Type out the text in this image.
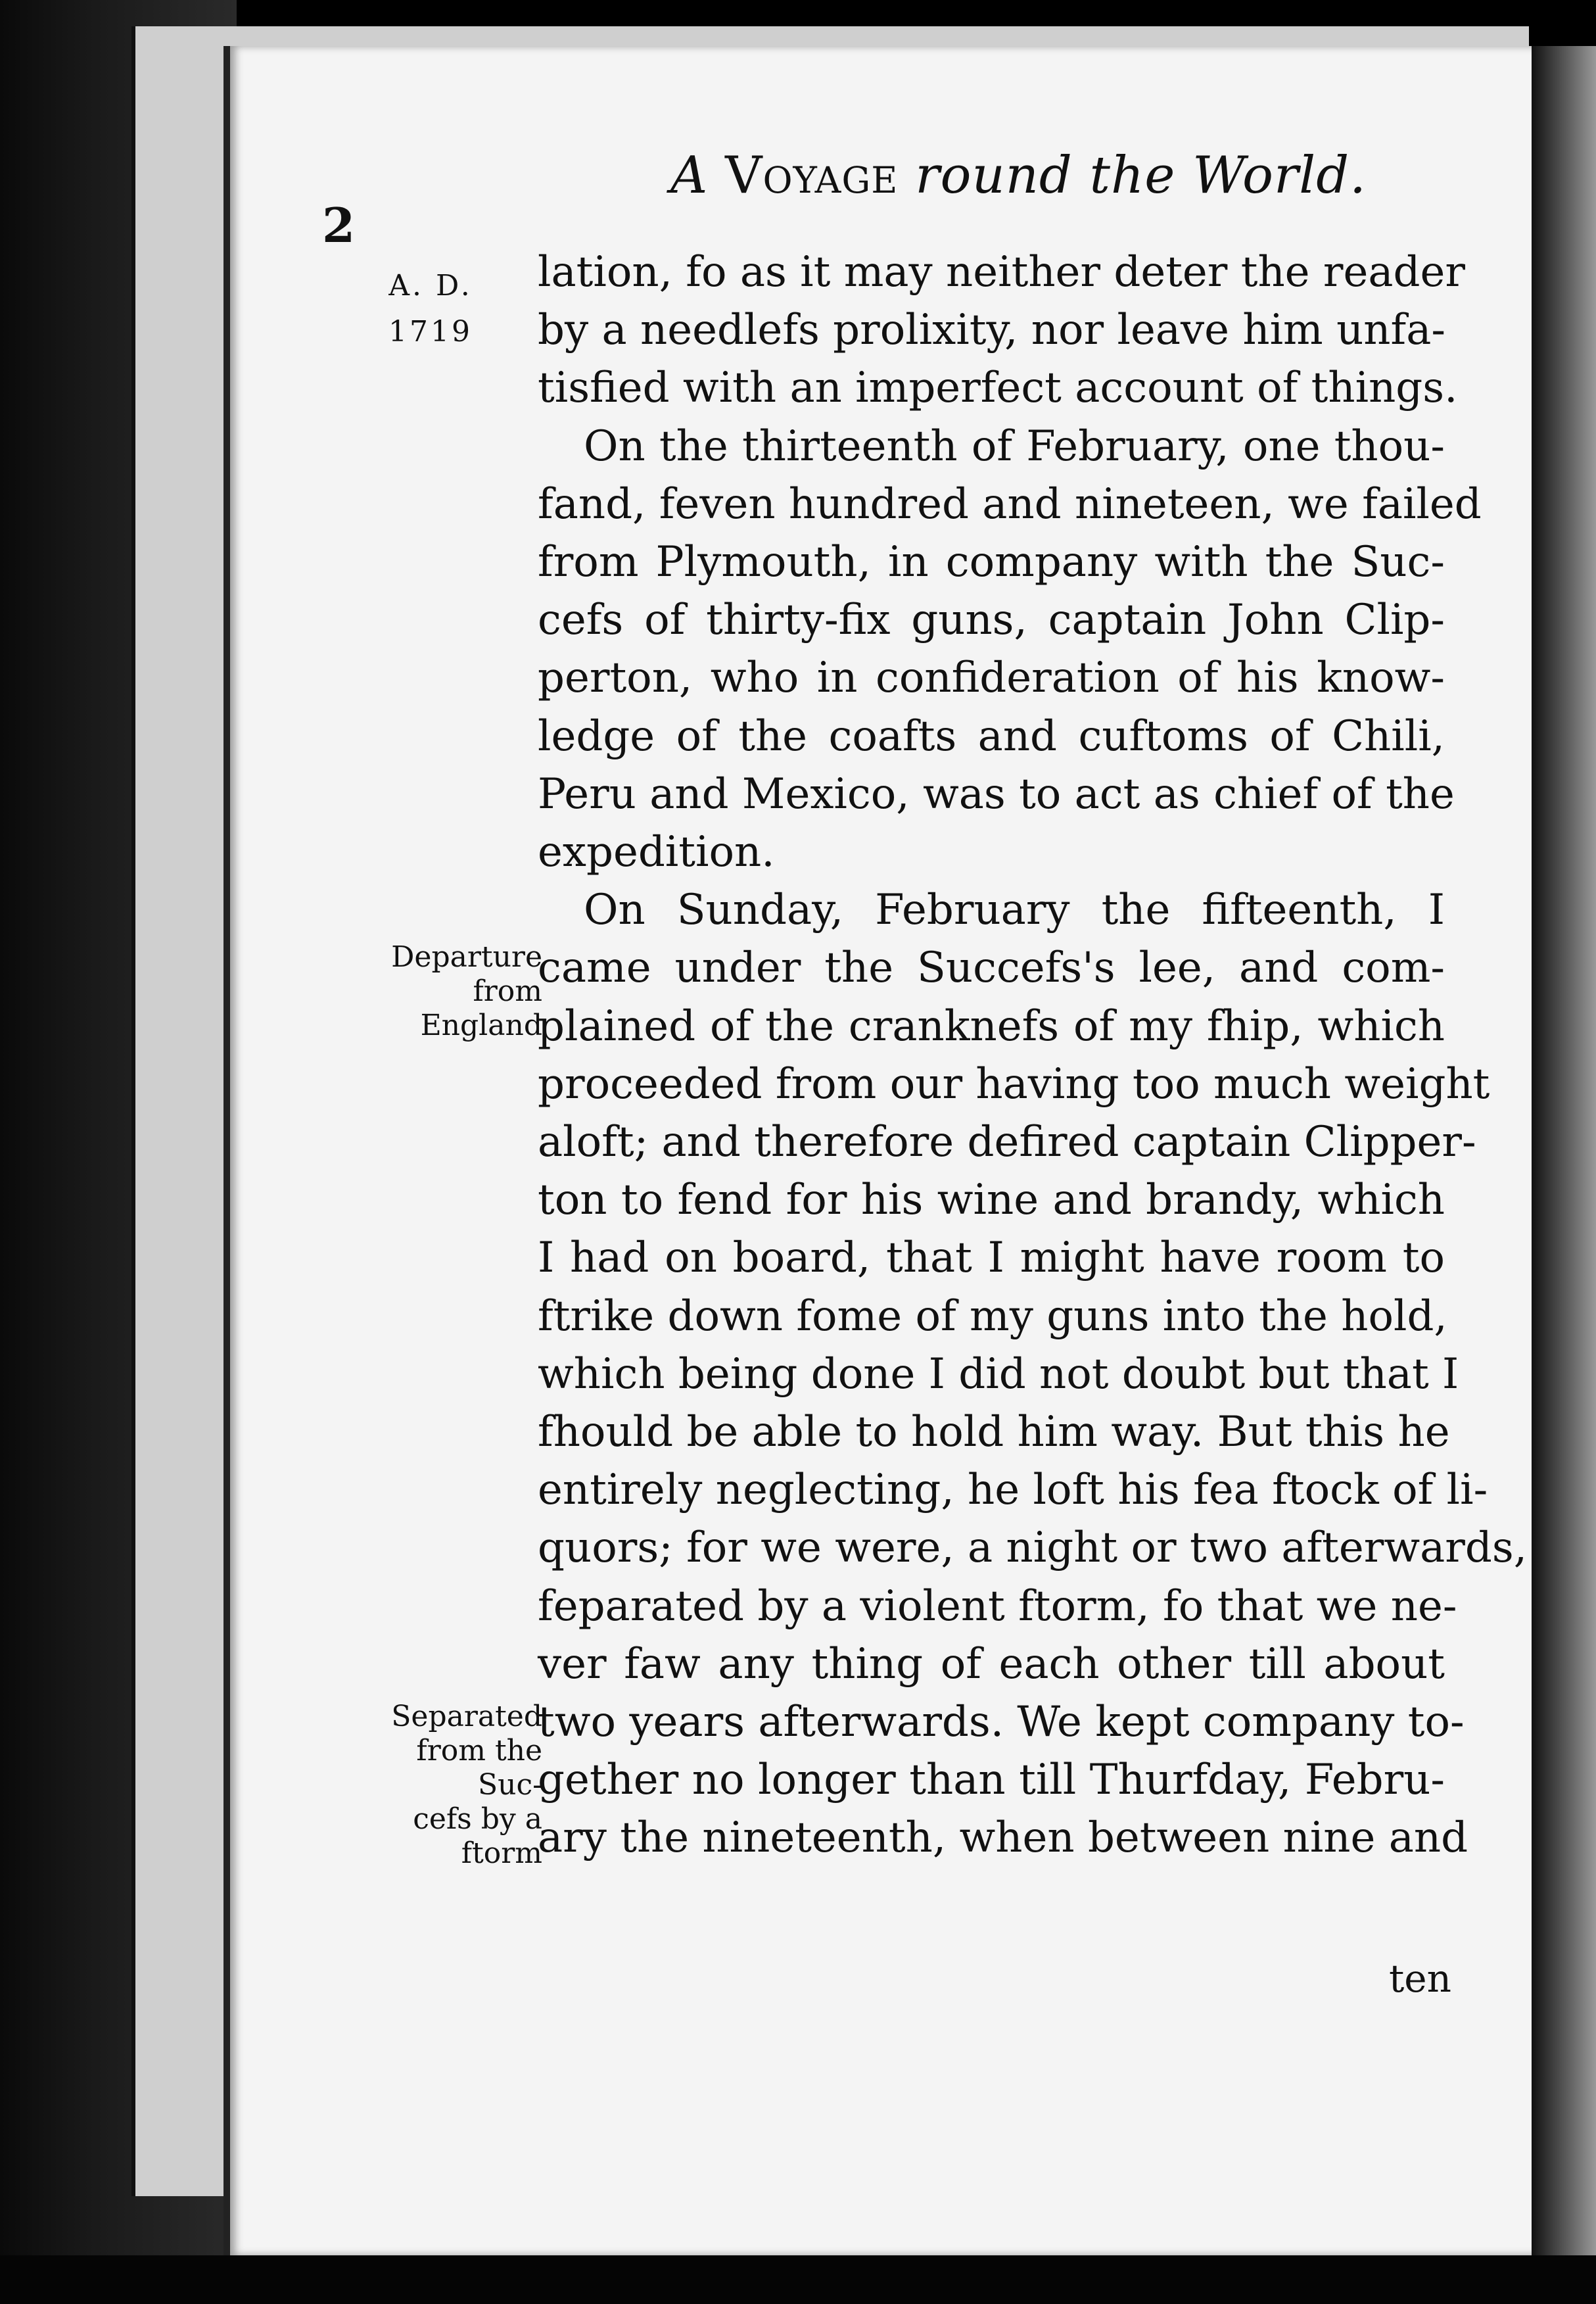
A Voyage round the World.
2
A. D.
1719
Departure
from England
Separated
from the Suc-
cefs by a ftorm
lation, fo as it may neither deter the reader
by a needlefs prolixity, nor leave him unfa-
tisfied with an imperfect account of things.
On the thirteenth of February, one thou-
fand, feven hundred and nineteen, we failed
from Plymouth, in company with the Suc-
cefs of thirty-fix guns, captain John Clip-
perton, who in confideration of his know-
ledge of the coafts and cuftoms of Chili,
Peru and Mexico, was to act as chief of the
expedition.
On Sunday, February the fifteenth, I
came under the Succefs's lee, and com-
plained of the cranknefs of my fhip, which
proceeded from our having too much weight
aloft; and therefore defired captain Clipper-
ton to fend for his wine and brandy, which
I had on board, that I might have room to
ftrike down fome of my guns into the hold,
which being done I did not doubt but that I
fhould be able to hold him way. But this he
entirely neglecting, he loft his fea ftock of li-
quors; for we were, a night or two afterwards,
feparated by a violent ftorm, fo that we ne-
ver faw any thing of each other till about
two years afterwards. We kept company to-
gether no longer than till Thurfday, Febru-
ary the nineteenth, when between nine and
ten
